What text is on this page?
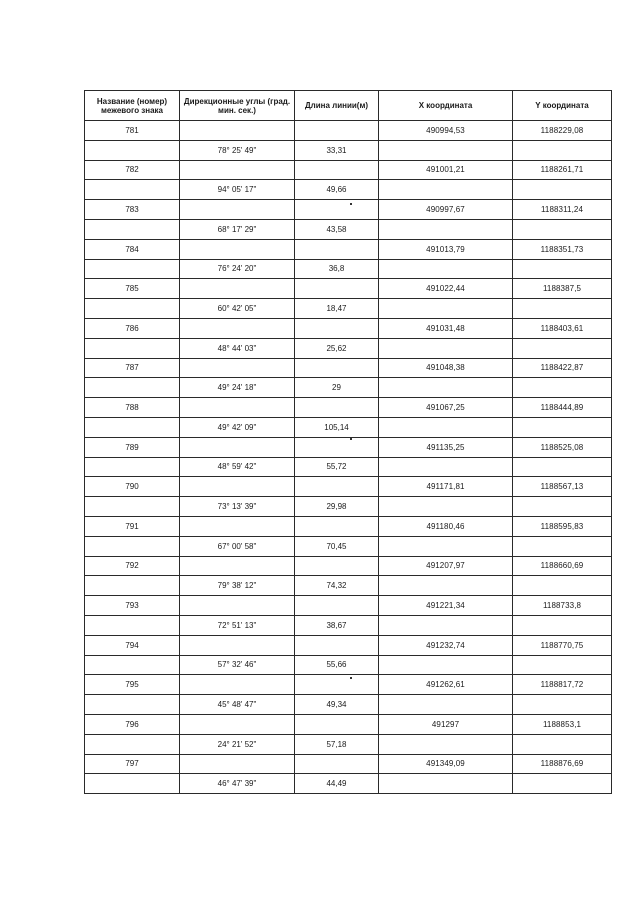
Название (номер) межевого знака	Дирекционные углы (град. мин. сек.)	Длина линии(м)	X координата	Y координата
781			490994,53	1188229,08
	78° 25' 49"	33,31		
782			491001,21	1188261,71
	94° 05' 17"	49,66		
783			490997,67	1188311,24
	68° 17' 29"	43,58		
784			491013,79	1188351,73
	76° 24' 20"	36,8		
785			491022,44	1188387,5
	60° 42' 05"	18,47		
786			491031,48	1188403,61
	48° 44' 03"	25,62		
787			491048,38	1188422,87
	49° 24' 18"	29		
788			491067,25	1188444,89
	49° 42' 09"	105,14		
789			491135,25	1188525,08
	48° 59' 42"	55,72		
790			491171,81	1188567,13
	73° 13' 39"	29,98		
791			491180,46	1188595,83
	67° 00' 58"	70,45		
792			491207,97	1188660,69
	79° 38' 12"	74,32		
793			491221,34	1188733,8
	72° 51' 13"	38,67		
794			491232,74	1188770,75
	57° 32' 46"	55,66		
795			491262,61	1188817,72
	45° 48' 47"	49,34		
796			491297	1188853,1
	24° 21' 52"	57,18		
797			491349,09	1188876,69
	46° 47' 39"	44,49		
